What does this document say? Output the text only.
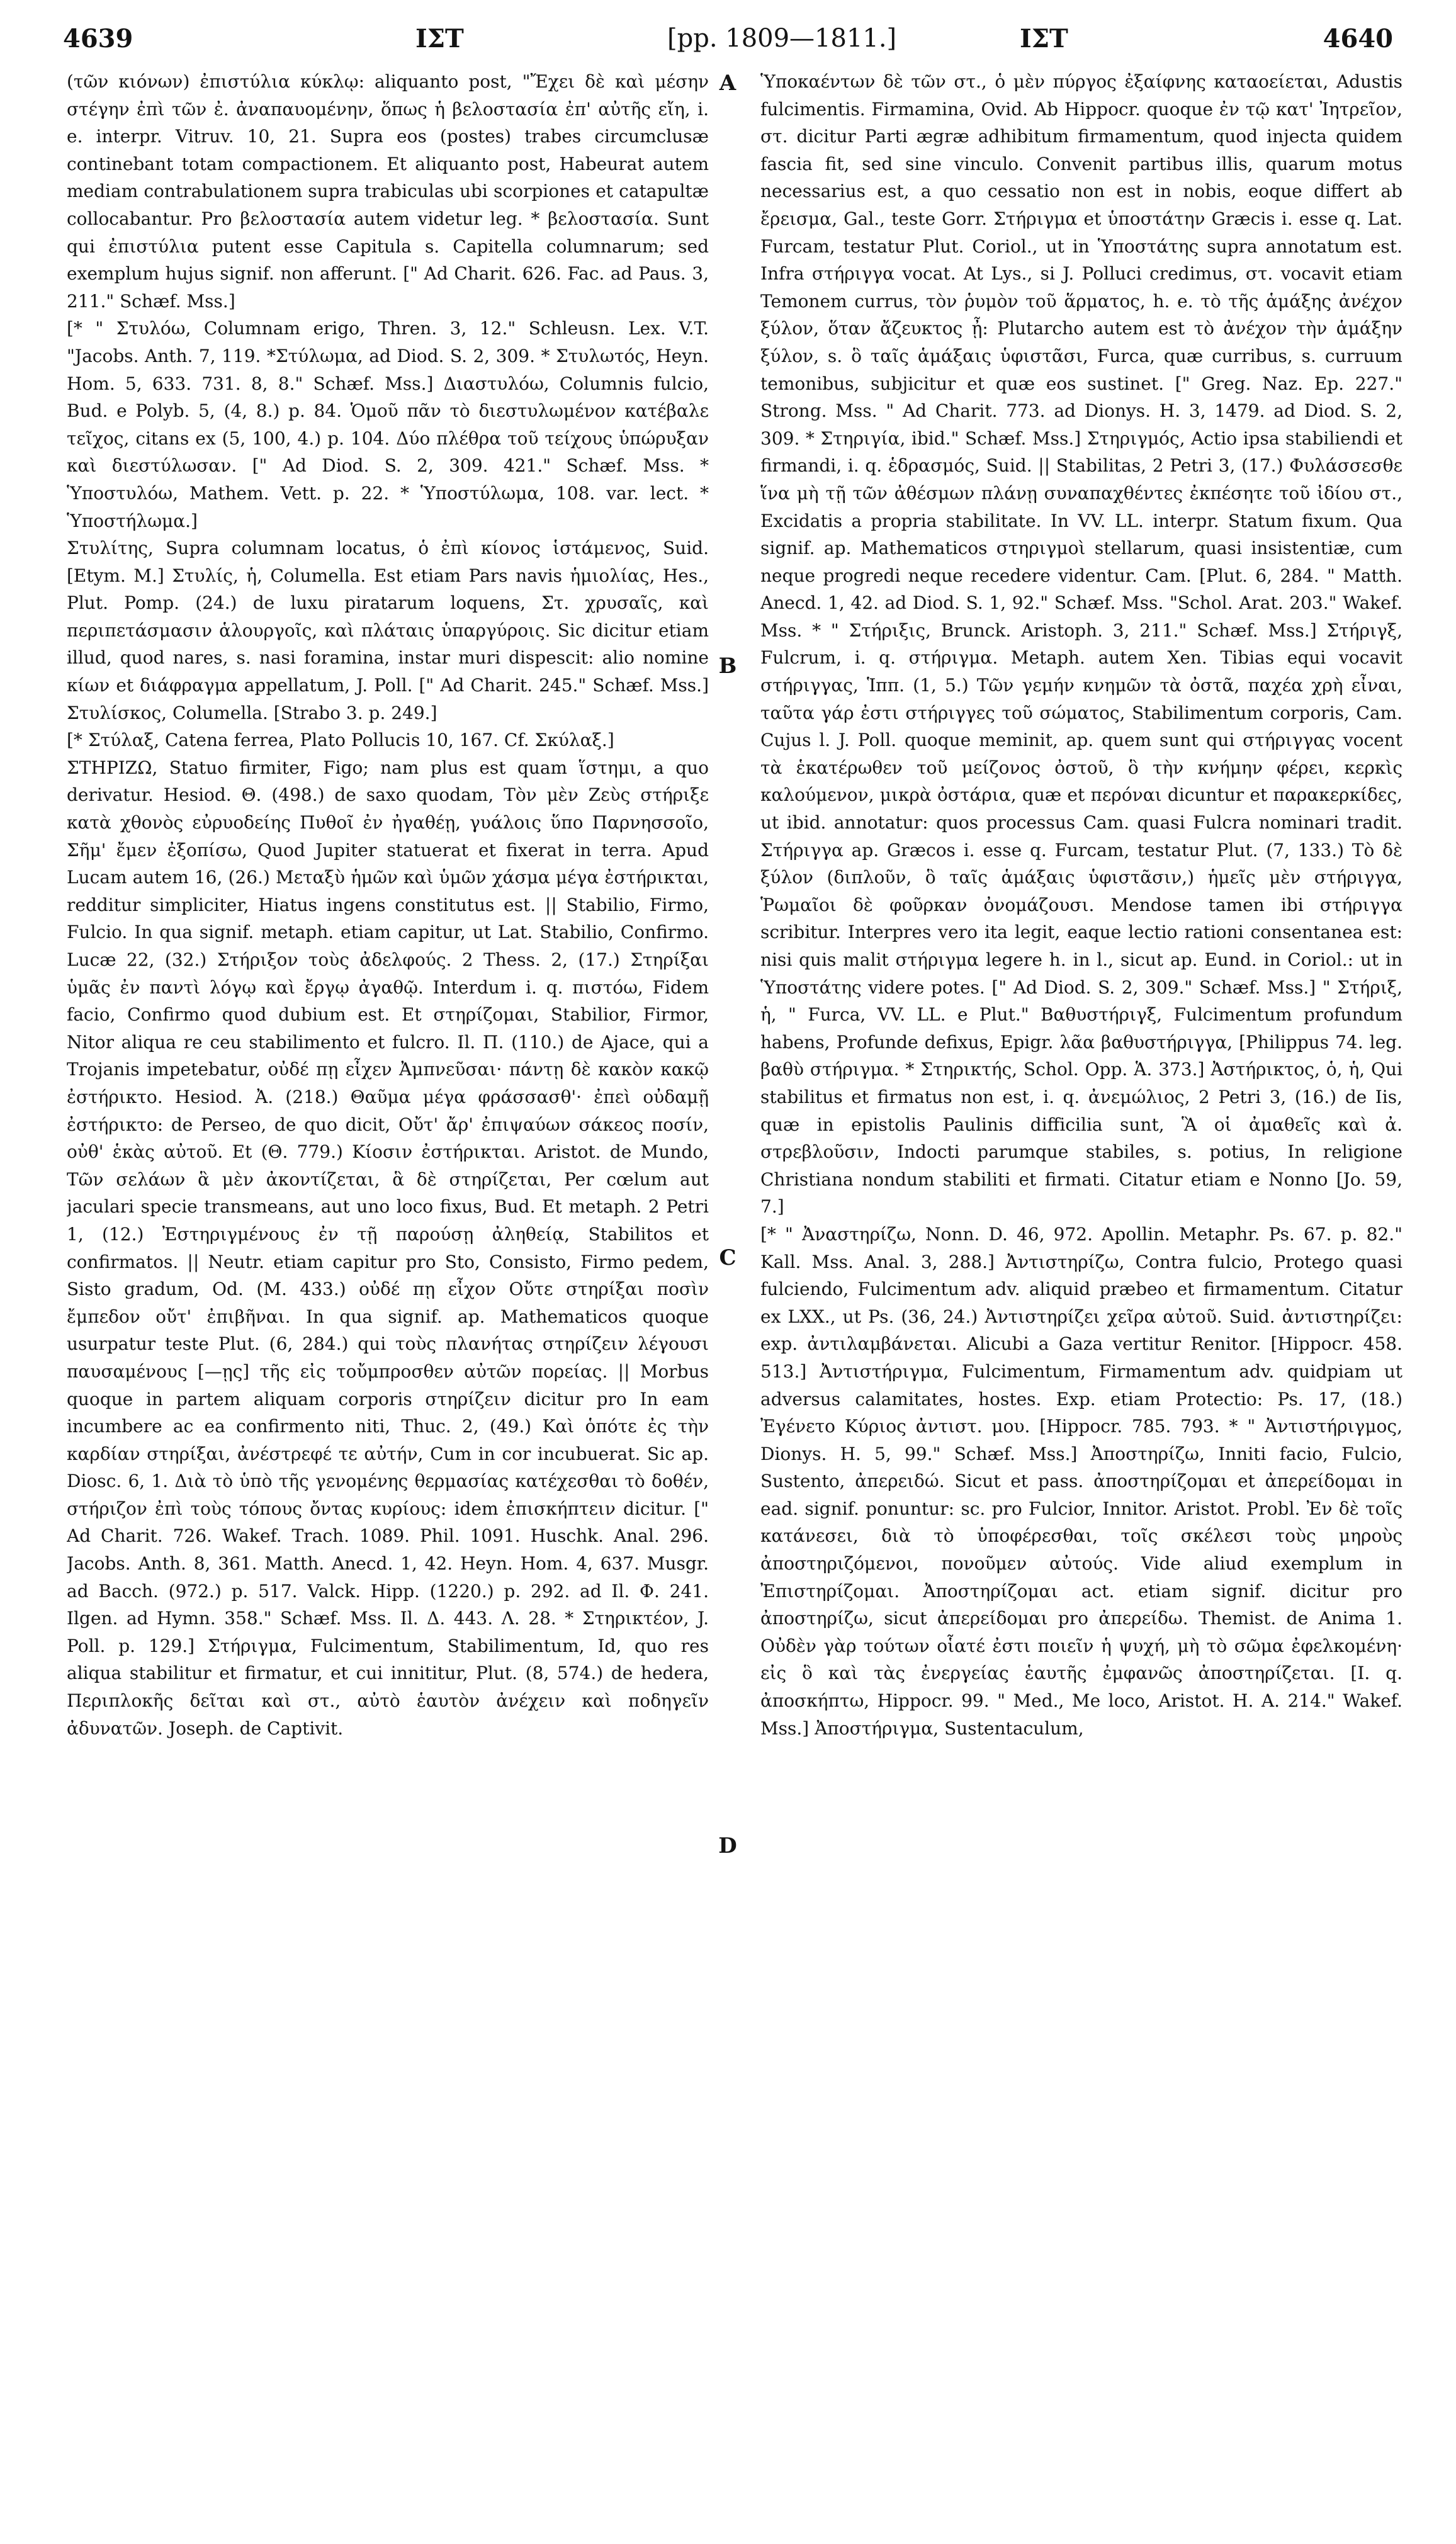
4639	ΙΣΤ	[pp. 1809—1811.]	ΙΣΤ	4640

(τῶν κιόνων) ἐπιστύλια κύκλῳ: aliquanto post, "Ἔχει δὲ καὶ μέσην στέγην ἐπὶ τῶν ἐ. ἀναπαυομένην, ὅπως ἡ βελοστασία ἐπ' αὐτῆς εἴη, i. e. interpr. Vitruv. 10, 21. Supra eos (postes) trabes circumclusæ continebant totam compactionem. Et aliquanto post, Habeurat autem mediam contrabulationem supra trabiculas ubi scorpiones et catapultæ collocabantur. Pro βελοστασία autem videtur leg. * βελοστασία. Sunt qui ἐπιστύλια putent esse Capitula s. Capitella columnarum; sed exemplum hujus signif. non afferunt. [" Ad Charit. 626. Fac. ad Paus. 3, 211." Schæf. Mss.]

[* " Στυλόω, Columnam erigo, Thren. 3, 12." Schleusn. Lex. V.T. "Jacobs. Anth. 7, 119. *Στύλωμα, ad Diod. S. 2, 309. * Στυλωτός, Heyn. Hom. 5, 633. 731. 8, 8." Schæf. Mss.] Διαστυλόω, Columnis fulcio, Bud. e Polyb. 5, (4, 8.) p. 84. Ὁμοῦ πᾶν τὸ διεστυλωμένον κατέβαλε τεῖχος, citans ex (5, 100, 4.) p. 104. Δύο πλέθρα τοῦ τείχους ὑπώρυξαν καὶ διεστύλωσαν. [" Ad Diod. S. 2, 309. 421." Schæf. Mss. * Ὑποστυλόω, Mathem. Vett. p. 22. * Ὑποστύλωμα, 108. var. lect. * Ὑποστήλωμα.]

Στυλίτης, Supra columnam locatus, ὁ ἐπὶ κίονος ἱστάμενος, Suid. [Etym. M.] Στυλίς, ἡ, Columella. Est etiam Pars navis ἡμιολίας, Hes., Plut. Pomp. (24.) de luxu piratarum loquens, Στ. χρυσαῖς, καὶ περιπετάσμασιν ἁλουργοῖς, καὶ πλάταις ὑπαργύροις. Sic dicitur etiam illud, quod nares, s. nasi foramina, instar muri dispescit: alio nomine κίων et διάφραγμα appellatum, J. Poll. [" Ad Charit. 245." Schæf. Mss.] Στυλίσκος, Columella. [Strabo 3. p. 249.]

[* Στύλαξ, Catena ferrea, Plato Pollucis 10, 167. Cf. Σκύλαξ.]

ΣΤΗΡΙΖΩ, Statuo firmiter, Figo; nam plus est quam ἵστημι, a quo derivatur. Hesiod. Θ. (498.) de saxo quodam, Τὸν μὲν Ζεὺς στήριξε κατὰ χθονὸς εὐρυοδείης Πυθοῖ ἐν ἠγαθέῃ, γυάλοις ὕπο Παρνησσοῖο, Σῆμ' ἔμεν ἐξοπίσω, Quod Jupiter statuerat et fixerat in terra. Apud Lucam autem 16, (26.) Μεταξὺ ἡμῶν καὶ ὑμῶν χάσμα μέγα ἐστήρικται, redditur simpliciter, Hiatus ingens constitutus est. || Stabilio, Firmo, Fulcio. In qua signif. metaph. etiam capitur, ut Lat. Stabilio, Confirmo. Lucæ 22, (32.) Στήριξον τοὺς ἀδελφούς. 2 Thess. 2, (17.) Στηρίξαι ὑμᾶς ἐν παντὶ λόγῳ καὶ ἔργῳ ἀγαθῷ. Interdum i. q. πιστόω, Fidem facio, Confirmo quod dubium est. Et στηρίζομαι, Stabilior, Firmor, Nitor aliqua re ceu stabilimento et fulcro. Il. Π. (110.) de Ajace, qui a Trojanis impetebatur, οὐδέ πῃ εἶχεν Ἀμπνεῦσαι· πάντῃ δὲ κακὸν κακῷ ἐστήρικτο. Hesiod. Ἀ. (218.) Θαῦμα μέγα φράσσασθ'· ἐπεὶ οὐδαμῇ ἐστήρικτο: de Perseo, de quo dicit, Οὔτ' ἄρ' ἐπιψαύων σάκεος ποσίν, οὐθ' ἑκὰς αὐτοῦ. Et (Θ. 779.) Κίοσιν ἐστήρικται. Aristot. de Mundo, Τῶν σελάων ἃ μὲν ἀκοντίζεται, ἃ δὲ στηρίζεται, Per cœlum aut jaculari specie transmeans, aut uno loco fixus, Bud. Et metaph. 2 Petri 1, (12.) Ἐστηριγμένους ἐν τῇ παρούσῃ ἀληθείᾳ, Stabilitos et confirmatos. || Neutr. etiam capitur pro Sto, Consisto, Firmo pedem, Sisto gradum, Od. (M. 433.) οὐδέ πῃ εἶχον Οὔτε στηρίξαι ποσὶν ἔμπεδον οὔτ' ἐπιβῆναι. In qua signif. ap. Mathematicos quoque usurpatur teste Plut. (6, 284.) qui τοὺς πλανήτας στηρίζειν λέγουσι παυσαμένους [—ῃς] τῆς εἰς τοὔμπροσθεν αὐτῶν πορείας. || Morbus quoque in partem aliquam corporis στηρίζειν dicitur pro In eam incumbere ac ea confirmento niti, Thuc. 2, (49.) Καὶ ὁπότε ἐς τὴν καρδίαν στηρίξαι, ἀνέστρεφέ τε αὐτήν, Cum in cor incubuerat. Sic ap. Diosc. 6, 1. Διὰ τὸ ὑπὸ τῆς γενομένης θερμασίας κατέχεσθαι τὸ δοθέν, στήριζον ἐπὶ τοὺς τόπους ὄντας κυρίους: idem ἐπισκήπτειν dicitur. [" Ad Charit. 726. Wakef. Trach. 1089. Phil. 1091. Huschk. Anal. 296. Jacobs. Anth. 8, 361. Matth. Anecd. 1, 42. Heyn. Hom. 4, 637. Musgr. ad Bacch. (972.) p. 517. Valck. Hipp. (1220.) p. 292. ad Il. Φ. 241. Ilgen. ad Hymn. 358." Schæf. Mss. Il. Δ. 443. Λ. 28. * Στηρικτέον, J. Poll. p. 129.] Στήριγμα, Fulcimentum, Stabilimentum, Id, quo res aliqua stabilitur et firmatur, et cui innititur, Plut. (8, 574.) de hedera, Περιπλοκῆς δεῖται καὶ στ., αὐτὸ ἑαυτὸν ἀνέχειν καὶ ποδηγεῖν ἀδυνατῶν. Joseph. de Captivit.

A
B
C
D

Ὑποκαέντων δὲ τῶν στ., ὁ μὲν πύργος ἐξαίφνης καταοείεται, Adustis fulcimentis. Firmamina, Ovid. Ab Hippocr. quoque ἐν τῷ κατ' Ἰητρεῖον, στ. dicitur Parti ægræ adhibitum firmamentum, quod injecta quidem fascia fit, sed sine vinculo. Convenit partibus illis, quarum motus necessarius est, a quo cessatio non est in nobis, eoque differt ab ἔρεισμα, Gal., teste Gorr. Στήριγμα et ὑποστάτην Græcis i. esse q. Lat. Furcam, testatur Plut. Coriol., ut in Ὑποστάτης supra annotatum est. Infra στήριγγα vocat. At Lys., si J. Polluci credimus, στ. vocavit etiam Temonem currus, τὸν ῥυμὸν τοῦ ἅρματος, h. e. τὸ τῆς ἁμάξης ἀνέχον ξύλον, ὅταν ἄζευκτος ᾖ: Plutarcho autem est τὸ ἀνέχον τὴν ἁμάξην ξύλον, s. ὃ ταῖς ἁμάξαις ὑφιστᾶσι, Furca, quæ curribus, s. curruum temonibus, subjicitur et quæ eos sustinet. [" Greg. Naz. Ep. 227." Strong. Mss. " Ad Charit. 773. ad Dionys. H. 3, 1479. ad Diod. S. 2, 309. * Στηριγία, ibid." Schæf. Mss.] Στηριγμός, Actio ipsa stabiliendi et firmandi, i. q. ἑδρασμός, Suid. || Stabilitas, 2 Petri 3, (17.) Φυλάσσεσθε ἵνα μὴ τῇ τῶν ἀθέσμων πλάνῃ συναπαχθέντες ἐκπέσητε τοῦ ἰδίου στ., Excidatis a propria stabilitate. In VV. LL. interpr. Statum fixum. Qua signif. ap. Mathematicos στηριγμοὶ stellarum, quasi insistentiæ, cum neque progredi neque recedere videntur. Cam. [Plut. 6, 284. " Matth. Anecd. 1, 42. ad Diod. S. 1, 92." Schæf. Mss. "Schol. Arat. 203." Wakef. Mss. * " Στήριξις, Brunck. Aristoph. 3, 211." Schæf. Mss.] Στήριγξ, Fulcrum, i. q. στήριγμα. Metaph. autem Xen. Tibias equi vocavit στήριγγας, Ἱππ. (1, 5.) Τῶν γεμήν κνημῶν τὰ ὀστᾶ, παχέα χρὴ εἶναι, ταῦτα γάρ ἐστι στήριγγες τοῦ σώματος, Stabilimentum corporis, Cam. Cujus l. J. Poll. quoque meminit, ap. quem sunt qui στήριγγας vocent τὰ ἑκατέρωθεν τοῦ μείζονος ὀστοῦ, ὃ τὴν κνήμην φέρει, κερκὶς καλούμενον, μικρὰ ὀστάρια, quæ et περόναι dicuntur et παρακερκίδες, ut ibid. annotatur: quos processus Cam. quasi Fulcra nominari tradit. Στήριγγα ap. Græcos i. esse q. Furcam, testatur Plut. (7, 133.) Τὸ δὲ ξύλον (διπλοῦν, ὃ ταῖς ἁμάξαις ὑφιστᾶσιν,) ἡμεῖς μὲν στήριγγα, Ῥωμαῖοι δὲ φοῦρκαν ὀνομάζουσι. Mendose tamen ibi στήριγγα scribitur. Interpres vero ita legit, eaque lectio rationi consentanea est: nisi quis malit στήριγμα legere h. in l., sicut ap. Eund. in Coriol.: ut in Ὑποστάτης videre potes. [" Ad Diod. S. 2, 309." Schæf. Mss.] " Στήριξ, ἡ, " Furca, VV. LL. e Plut." Βαθυστήριγξ, Fulcimentum profundum habens, Profunde defixus, Epigr. λᾶα βαθυστήριγγα, [Philippus 74. leg. βαθὺ στήριγμα. * Στηρικτής, Schol. Opp. Ἁ. 373.] Ἀστήρικτος, ὁ, ἡ, Qui stabilitus et firmatus non est, i. q. ἀνεμώλιος, 2 Petri 3, (16.) de Iis, quæ in epistolis Paulinis difficilia sunt, Ἃ οἱ ἀμαθεῖς καὶ ἀ. στρεβλοῦσιν, Indocti parumque stabiles, s. potius, In religione Christiana nondum stabiliti et firmati. Citatur etiam e Nonno [Jo. 59, 7.]

[* " Ἀναστηρίζω, Nonn. D. 46, 972. Apollin. Metaphr. Ps. 67. p. 82." Kall. Mss. Anal. 3, 288.] Ἀντιστηρίζω, Contra fulcio, Protego quasi fulciendo, Fulcimentum adv. aliquid præbeo et firmamentum. Citatur ex LXX., ut Ps. (36, 24.) Ἀντιστηρίζει χεῖρα αὐτοῦ. Suid. ἀντιστηρίζει: exp. ἀντιλαμβάνεται. Alicubi a Gaza vertitur Renitor. [Hippocr. 458. 513.] Ἀντιστήριγμα, Fulcimentum, Firmamentum adv. quidpiam ut adversus calamitates, hostes. Exp. etiam Protectio: Ps. 17, (18.) Ἐγένετο Κύριος ἀντιστ. μου. [Hippocr. 785. 793. * " Ἀντιστήριγμος, Dionys. H. 5, 99." Schæf. Mss.] Ἀποστηρίζω, Inniti facio, Fulcio, Sustento, ἀπερειδώ. Sicut et pass. ἀποστηρίζομαι et ἀπερείδομαι in ead. signif. ponuntur: sc. pro Fulcior, Innitor. Aristot. Probl. Ἐν δὲ τοῖς κατάνεσει, διὰ τὸ ὑποφέρεσθαι, τοῖς σκέλεσι τοὺς μηροὺς ἀποστηριζόμενοι, πονοῦμεν αὐτούς. Vide aliud exemplum in Ἐπιστηρίζομαι. Ἀποστηρίζομαι act. etiam signif. dicitur pro ἀποστηρίζω, sicut ἀπερείδομαι pro ἀπερείδω. Themist. de Anima 1. Οὐδὲν γὰρ τούτων οἷατέ ἐστι ποιεῖν ἡ ψυχή, μὴ τὸ σῶμα ἐφελκομένη· εἰς ὃ καὶ τὰς ἐνεργείας ἑαυτῆς ἐμφανῶς ἀποστηρίζεται. [I. q. ἀποσκήπτω, Hippocr. 99. " Med., Me loco, Aristot. H. A. 214." Wakef. Mss.] Ἀποστήριγμα, Sustentaculum,
